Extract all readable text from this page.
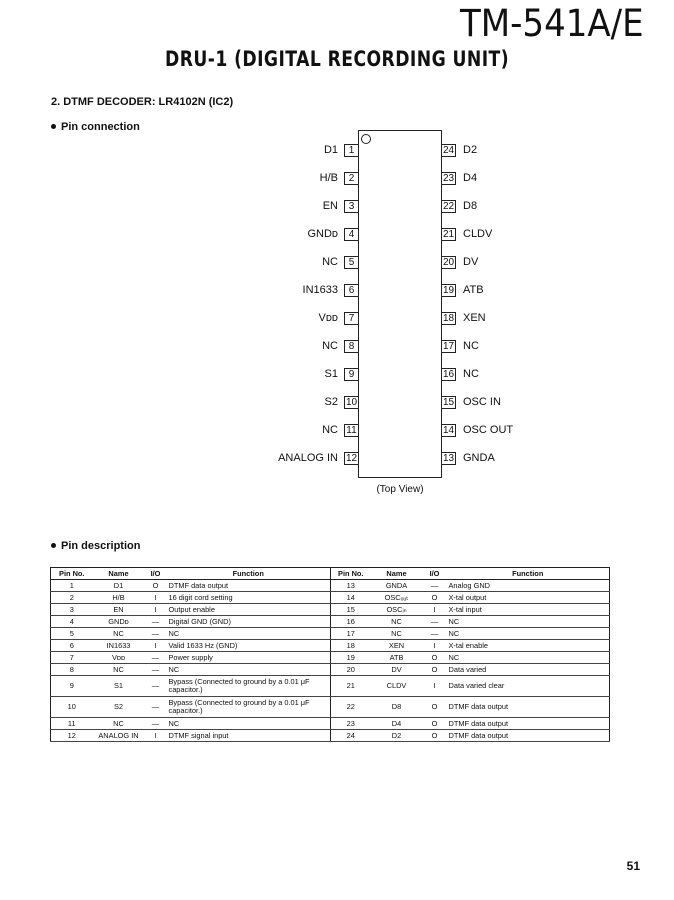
TM-541A/E
DRU-1 (DIGITAL RECORDING UNIT)
2. DTMF DECODER: LR4102N (IC2)
Pin connection
1
D1
2
H/B
3
EN
4
GNDᴅ
5
NC
6
IN1633
7
Vᴅᴅ
8
NC
9
S1
10
S2
11
NC
12
ANALOG IN
24 D2
23 D4
22 D8
21 CLDV
20 DV
19 ATB
18 XEN
17 NC
16 NC
15 OSC IN
14 OSC OUT
13 GNDA
(Top View)
Pin description
Pin No.	Name	I/O	Function	Pin No.	Name	I/O	Function
1	D1	O	DTMF data output	13	GNDA	—	Analog GND
2	H/B	I	16 digit cord setting	14	OSCₒᵤₜ	O	X-tal output
3	EN	I	Output enable	15	OSCᵢₙ	I	X-tal input
4	GNDᴅ	—	Digital GND (GND)	16	NC	—	NC
5	NC	—	NC	17	NC	—	NC
6	IN1633	I	Valid 1633 Hz (GND)	18	XEN	I	X-tal enable
7	Vᴅᴅ	—	Power supply	19	ATB	O	NC
8	NC	—	NC	20	DV	O	Data varied
9	S1	—	Bypass (Connected to ground by a 0.01 μF capacitor.)	21	CLDV	I	Data varied clear
10	S2	—	Bypass (Connected to ground by a 0.01 μF capacitor.)	22	D8	O	DTMF data output
11	NC	—	NC	23	D4	O	DTMF data output
12	ANALOG IN	I	DTMF signal input	24	D2	O	DTMF data output
51
